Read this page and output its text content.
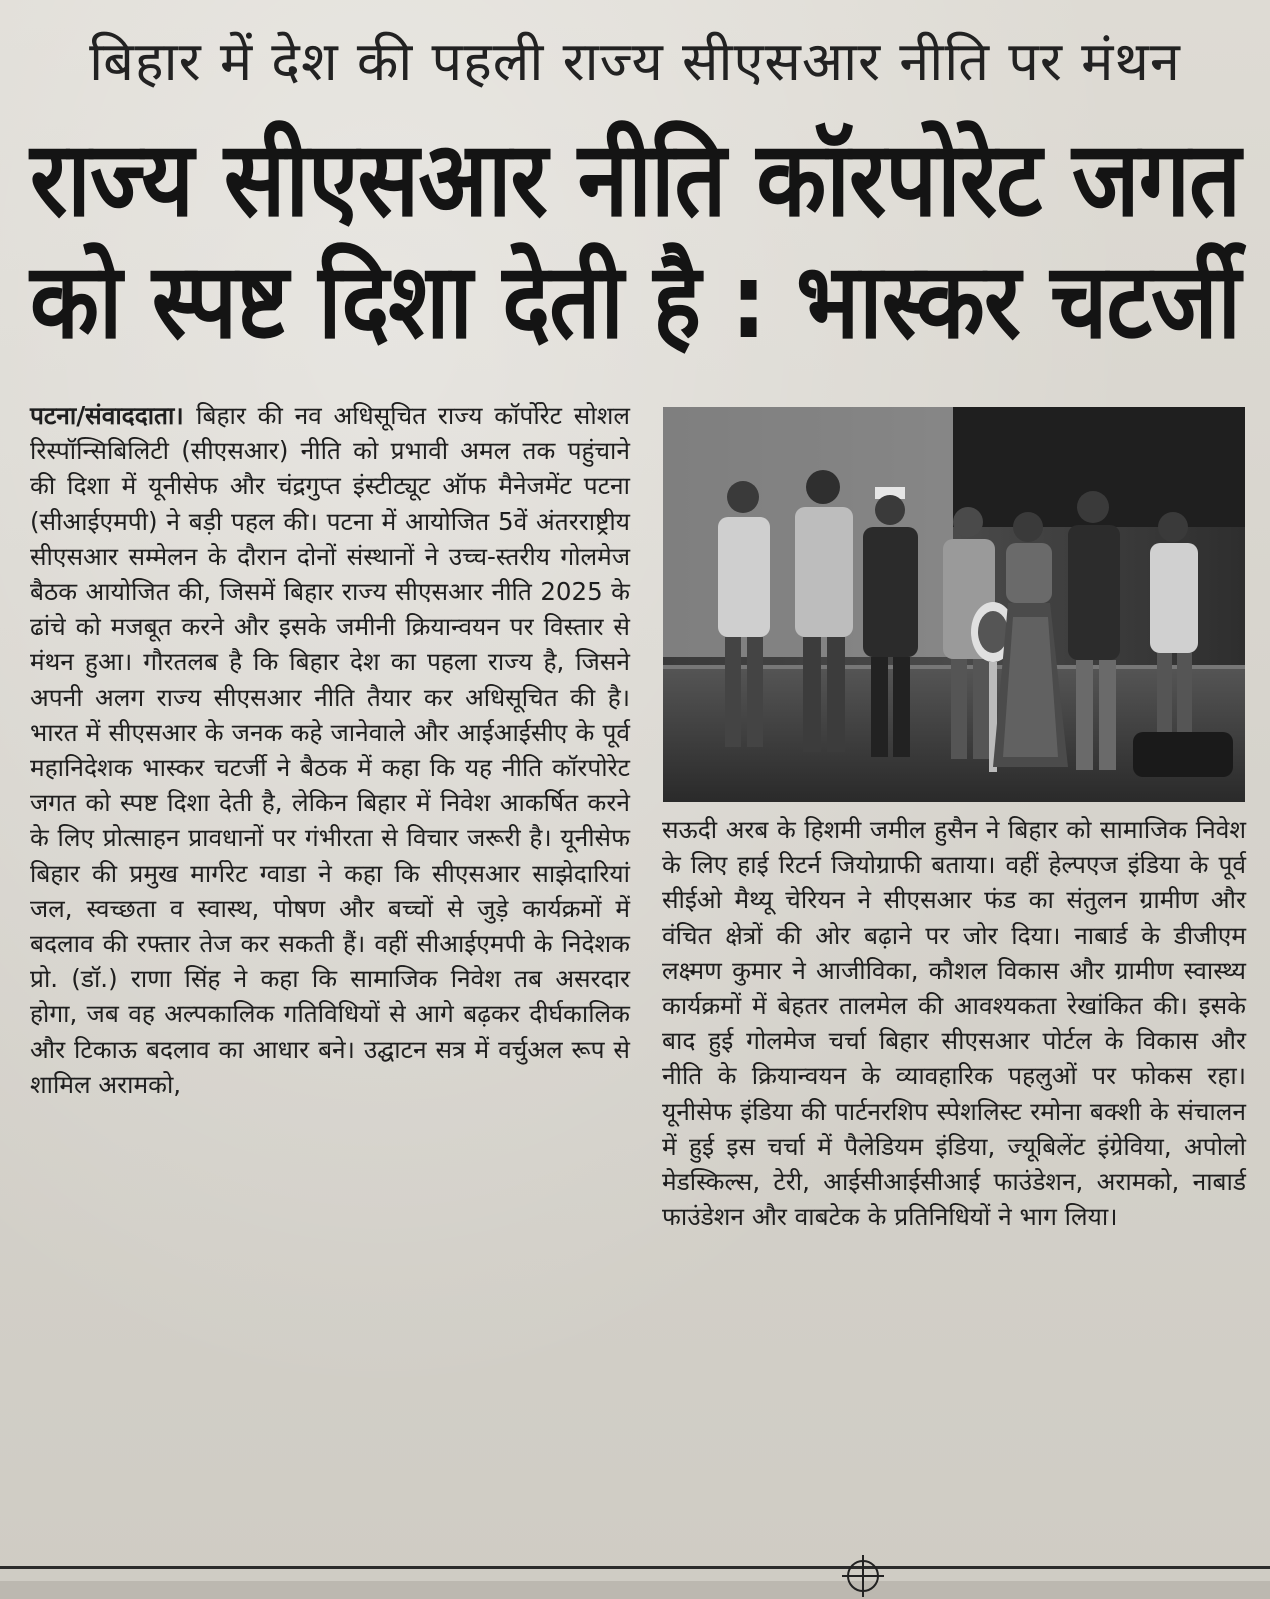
बिहार में देश की पहली राज्य सीएसआर नीति पर मंथन
राज्य सीएसआर नीति कॉरपोरेट जगत
को स्पष्ट दिशा देती है : भास्कर चटर्जी
पटना/संवाददाता। बिहार की नव अधिसूचित राज्य कॉर्पोरेट सोशल रिस्पॉन्सिबिलिटी (सीएसआर) नीति को प्रभावी अमल तक पहुंचाने की दिशा में यूनीसेफ और चंद्रगुप्त इंस्टीट्यूट ऑफ मैनेजमेंट पटना (सीआईएमपी) ने बड़ी पहल की। पटना में आयोजित 5वें अंतरराष्ट्रीय सीएसआर सम्मेलन के दौरान दोनों संस्थानों ने उच्च-स्तरीय गोलमेज बैठक आयोजित की, जिसमें बिहार राज्य सीएसआर नीति 2025 के ढांचे को मजबूत करने और इसके जमीनी क्रियान्वयन पर विस्तार से मंथन हुआ। गौरतलब है कि बिहार देश का पहला राज्य है, जिसने अपनी अलग राज्य सीएसआर नीति तैयार कर अधिसूचित की है। भारत में सीएसआर के जनक कहे जानेवाले और आईआईसीए के पूर्व महानिदेशक भास्कर चटर्जी ने बैठक में कहा कि यह नीति कॉरपोरेट जगत को स्पष्ट दिशा देती है, लेकिन बिहार में निवेश आकर्षित करने के लिए प्रोत्साहन प्रावधानों पर गंभीरता से विचार जरूरी है। यूनीसेफ बिहार की प्रमुख मार्गरेट ग्वाडा ने कहा कि सीएसआर साझेदारियां जल, स्वच्छता व स्वास्थ, पोषण और बच्चों से जुड़े कार्यक्रमों में बदलाव की रफ्तार तेज कर सकती हैं। वहीं सीआईएमपी के निदेशक प्रो. (डॉ.) राणा सिंह ने कहा कि सामाजिक निवेश तब असरदार होगा, जब वह अल्पकालिक गतिविधियों से आगे बढ़कर दीर्घकालिक और टिकाऊ बदलाव का आधार बने। उद्घाटन सत्र में वर्चुअल रूप से शामिल अरामको,
सऊदी अरब के हिशमी जमील हुसैन ने बिहार को सामाजिक निवेश के लिए हाई रिटर्न जियोग्राफी बताया। वहीं हेल्पएज इंडिया के पूर्व सीईओ मैथ्यू चेरियन ने सीएसआर फंड का संतुलन ग्रामीण और वंचित क्षेत्रों की ओर बढ़ाने पर जोर दिया। नाबार्ड के डीजीएम लक्ष्मण कुमार ने आजीविका, कौशल विकास और ग्रामीण स्वास्थ्य कार्यक्रमों में बेहतर तालमेल की आवश्यकता रेखांकित की। इसके बाद हुई गोलमेज चर्चा बिहार सीएसआर पोर्टल के विकास और नीति के क्रियान्वयन के व्यावहारिक पहलुओं पर फोकस रहा। यूनीसेफ इंडिया की पार्टनरशिप स्पेशलिस्ट रमोना बक्शी के संचालन में हुई इस चर्चा में पैलेडियम इंडिया, ज्यूबिलेंट इंग्रेविया, अपोलो मेडस्किल्स, टेरी, आईसीआईसीआई फाउंडेशन, अरामको, नाबार्ड फाउंडेशन और वाबटेक के प्रतिनिधियों ने भाग लिया।
